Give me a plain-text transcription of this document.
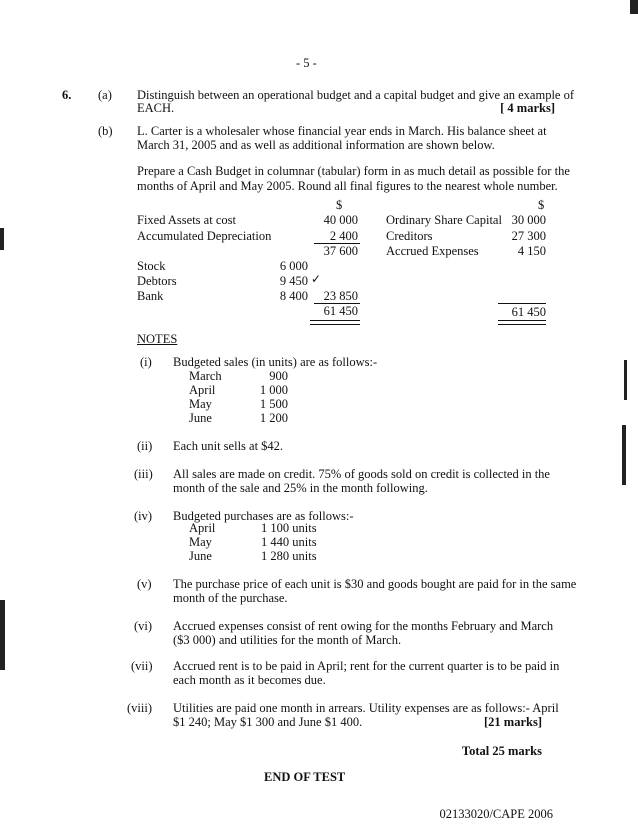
- 5 -
6. (a) Distinguish between an operational budget and a capital budget and give an example of
EACH.	[ 4 marks]
(b) L. Carter is a wholesaler whose financial year ends in March. His balance sheet at
March 31, 2005 and as well as additional information are shown below.
Prepare a Cash Budget in columnar (tabular) form in as much detail as possible for the
months of April and May 2005. Round all final figures to the nearest whole number.
$	$
Fixed Assets at cost	40 000 Ordinary Share Capital 30 000
Accumulated Depreciation	2 400 Creditors	27 300
37 600 Accrued Expenses	4 150
Stock	6 000
Debtors	9 450 ✓
Bank	8 400 23 850
61 450	61 450
NOTES
(i) Budgeted sales (in units) are as follows:-
March	900
April	1 000
May	1 500
June	1 200
(ii) Each unit sells at $42.
(iii) All sales are made on credit. 75% of goods sold on credit is collected in the
month of the sale and 25% in the month following.
(iv) Budgeted purchases are as follows:-
April	1 100 units
May	1 440 units
June	1 280 units
(v) The purchase price of each unit is $30 and goods bought are paid for in the same
month of the purchase.
(vi) Accrued expenses consist of rent owing for the months February and March
($3 000) and utilities for the month of March.
(vii) Accrued rent is to be paid in April; rent for the current quarter is to be paid in
each month as it becomes due.
(viii) Utilities are paid one month in arrears. Utility expenses are as follows:- April
$1 240; May $1 300 and June $1 400.	[21 marks]
Total 25 marks
END OF TEST
02133020/CAPE 2006
